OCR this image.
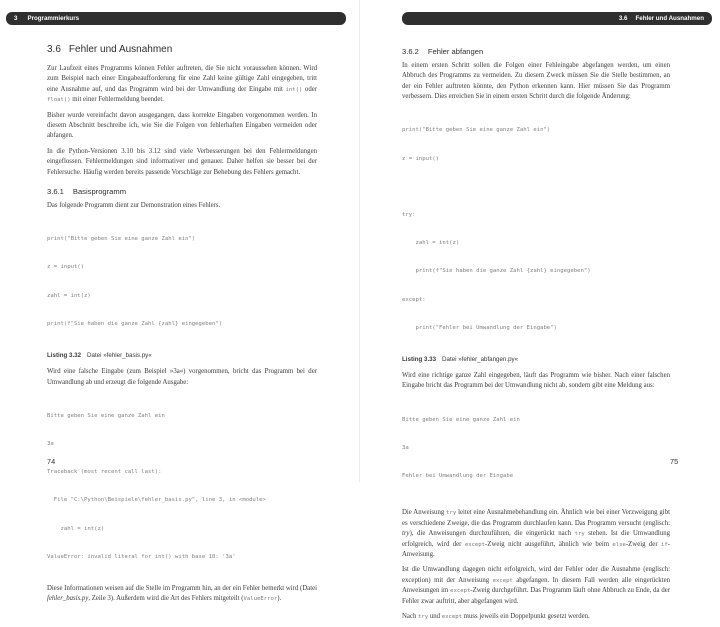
3 Programmierkurs
3.6 Fehler und Ausnahmen

Zur Laufzeit eines Programms können Fehler auftreten, die Sie nicht voraussehen können. Wird zum Beispiel nach einer Eingabeaufforderung für eine Zahl keine gültige Zahl eingegeben, tritt eine Ausnahme auf, und das Programm wird bei der Umwandlung der Eingabe mit int() oder float() mit einer Fehlermeldung beendet.

Bisher wurde vereinfacht davon ausgegangen, dass korrekte Eingaben vorgenommen werden. In diesem Abschnitt beschreibe ich, wie Sie die Folgen von fehlerhaften Eingaben vermeiden oder abfangen.

In die Python-Versionen 3.10 bis 3.12 sind viele Verbesserungen bei den Fehlermeldungen eingeflossen. Fehlermeldungen sind informativer und genauer. Daher helfen sie besser bei der Fehlersuche. Häufig werden bereits passende Vorschläge zur Behebung des Fehlers gemacht.

3.6.1 Basisprogramm

Das folgende Programm dient zur Demonstration eines Fehlers.

print("Bitte geben Sie eine ganze Zahl ein")

z = input()

zahl = int(z)

print(f"Sie haben die ganze Zahl {zahl} eingegeben")

Listing 3.32 Datei »fehler_basis.py«

Wird eine falsche Eingabe (zum Beispiel »3a«) vorgenommen, bricht das Programm bei der Umwandlung ab und erzeugt die folgende Ausgabe:

Bitte geben Sie eine ganze Zahl ein

3a

Traceback (most recent call last):

File "C:\Python\Beispiele\fehler_basis.py", line 3, in <module>

zahl = int(z)

ValueError: invalid literal for int() with base 10: '3a'

Diese Informationen weisen auf die Stelle im Programm hin, an der ein Fehler bemerkt wird (Datei fehler_basis.py, Zeile 3). Außerdem wird die Art des Fehlers mitgeteilt (ValueError).

74
3.6 Fehler und Ausnahmen
3.6.2 Fehler abfangen

In einem ersten Schritt sollen die Folgen einer Fehleingabe abgefangen werden, um einen Abbruch des Programms zu vermeiden. Zu diesem Zweck müssen Sie die Stelle bestimmen, an der ein Fehler auftreten könnte, den Python erkennen kann. Hier müssen Sie das Programm verbessern. Dies erreichen Sie in einem ersten Schritt durch die folgende Änderung:

print("Bitte geben Sie eine ganze Zahl ein")

z = input()

try:

zahl = int(z)

print(f"Sie haben die ganze Zahl {zahl} eingegeben")

except:

print("Fehler bei Umwandlung der Eingabe")

Listing 3.33 Datei »fehler_abfangen.py«

Wird eine richtige ganze Zahl eingegeben, läuft das Programm wie bisher. Nach einer falschen Eingabe bricht das Programm bei der Umwandlung nicht ab, sondern gibt eine Meldung aus:

Bitte geben Sie eine ganze Zahl ein

3a

Fehler bei Umwandlung der Eingabe

Die Anweisung try leitet eine Ausnahmebehandlung ein. Ähnlich wie bei einer Verzweigung gibt es verschiedene Zweige, die das Programm durchlaufen kann. Das Programm versucht (englisch: try), die Anweisungen durchzuführen, die eingerückt nach try stehen. Ist die Umwandlung erfolgreich, wird der except-Zweig nicht ausgeführt, ähnlich wie beim else-Zweig der if-Anweisung.

Ist die Umwandlung dagegen nicht erfolgreich, wird der Fehler oder die Ausnahme (englisch: exception) mit der Anweisung except abgefangen. In diesem Fall werden alle eingerückten Anweisungen im except-Zweig durchgeführt. Das Programm läuft ohne Abbruch zu Ende, da der Fehler zwar auftritt, aber abgefangen wird.

Nach try und except muss jeweils ein Doppelpunkt gesetzt werden.

75
